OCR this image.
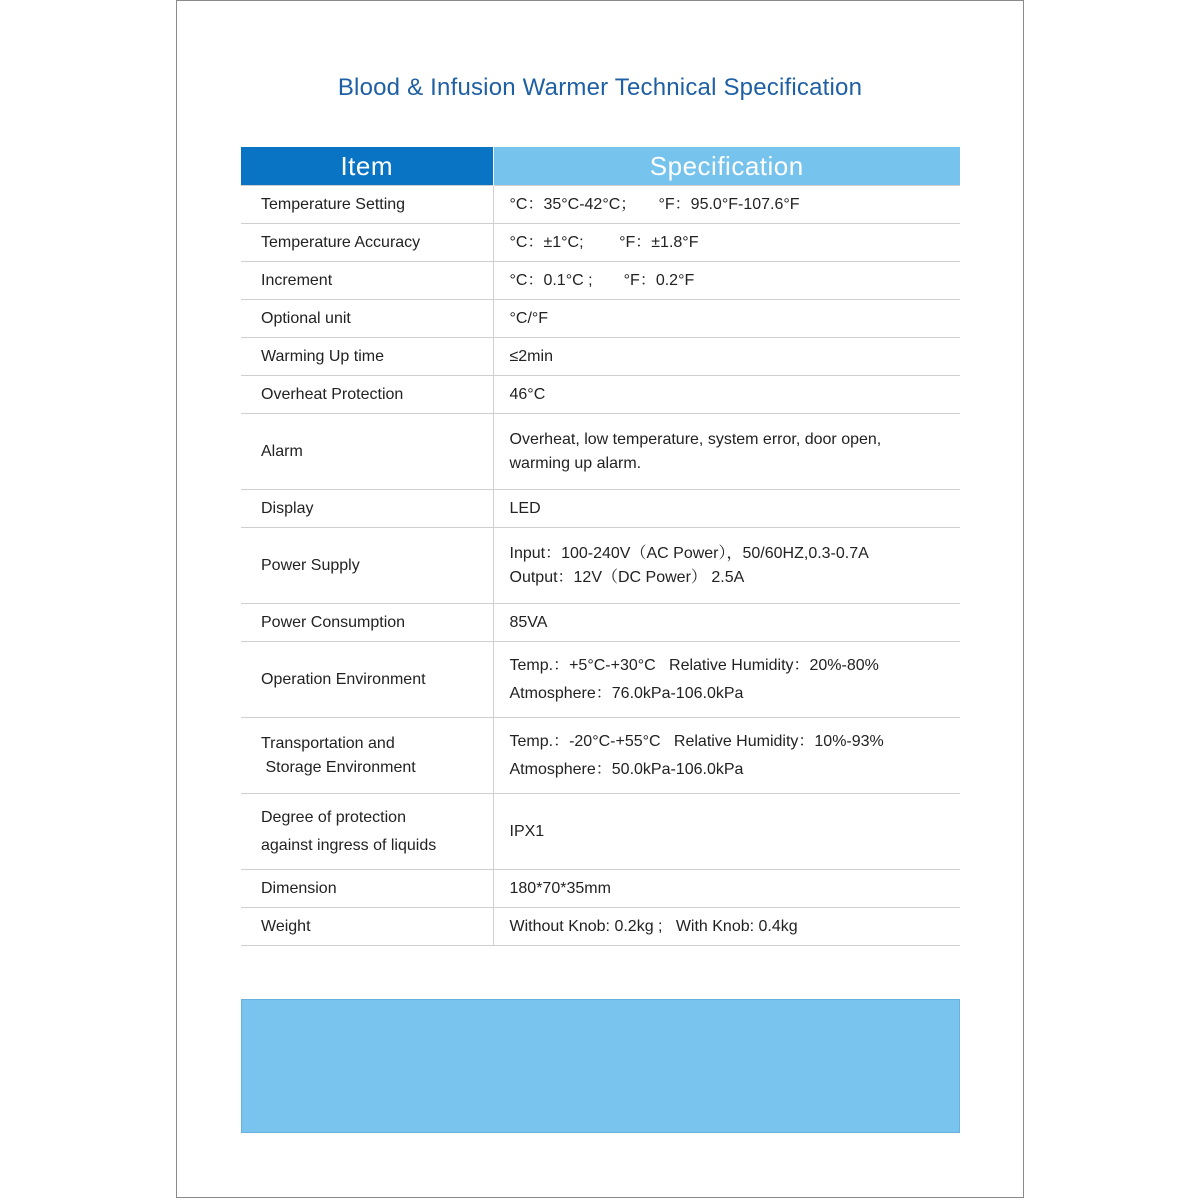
Blood & Infusion Warmer Technical Specification
Item	Specification

Temperature Setting	°C：35°C-42°C；     °F：95.0°F-107.6°F

Temperature Accuracy	°C：±1°C;        °F：±1.8°F

Increment	°C：0.1°C ;       °F：0.2°F

Optional unit	°C/°F

Warming Up time	≤2min

Overheat Protection	46°C

Alarm	Overheat, low temperature, system error, door open,
warming up alarm.

Display	LED

Power Supply	Input：100-240V（AC Power），50/60HZ,0.3-0.7A
Output：12V（DC Power） 2.5A

Power Consumption	85VA

Operation Environment	Temp.：+5°C-+30°C   Relative Humidity：20%-80%
Atmosphere：76.0kPa-106.0kPa

Transportation and
Storage Environment	Temp.：-20°C-+55°C   Relative Humidity：10%-93%
Atmosphere：50.0kPa-106.0kPa

Degree of protection
against ingress of liquids	IPX1

Dimension	180*70*35mm

Weight	Without Knob: 0.2kg ;   With Knob: 0.4kg
